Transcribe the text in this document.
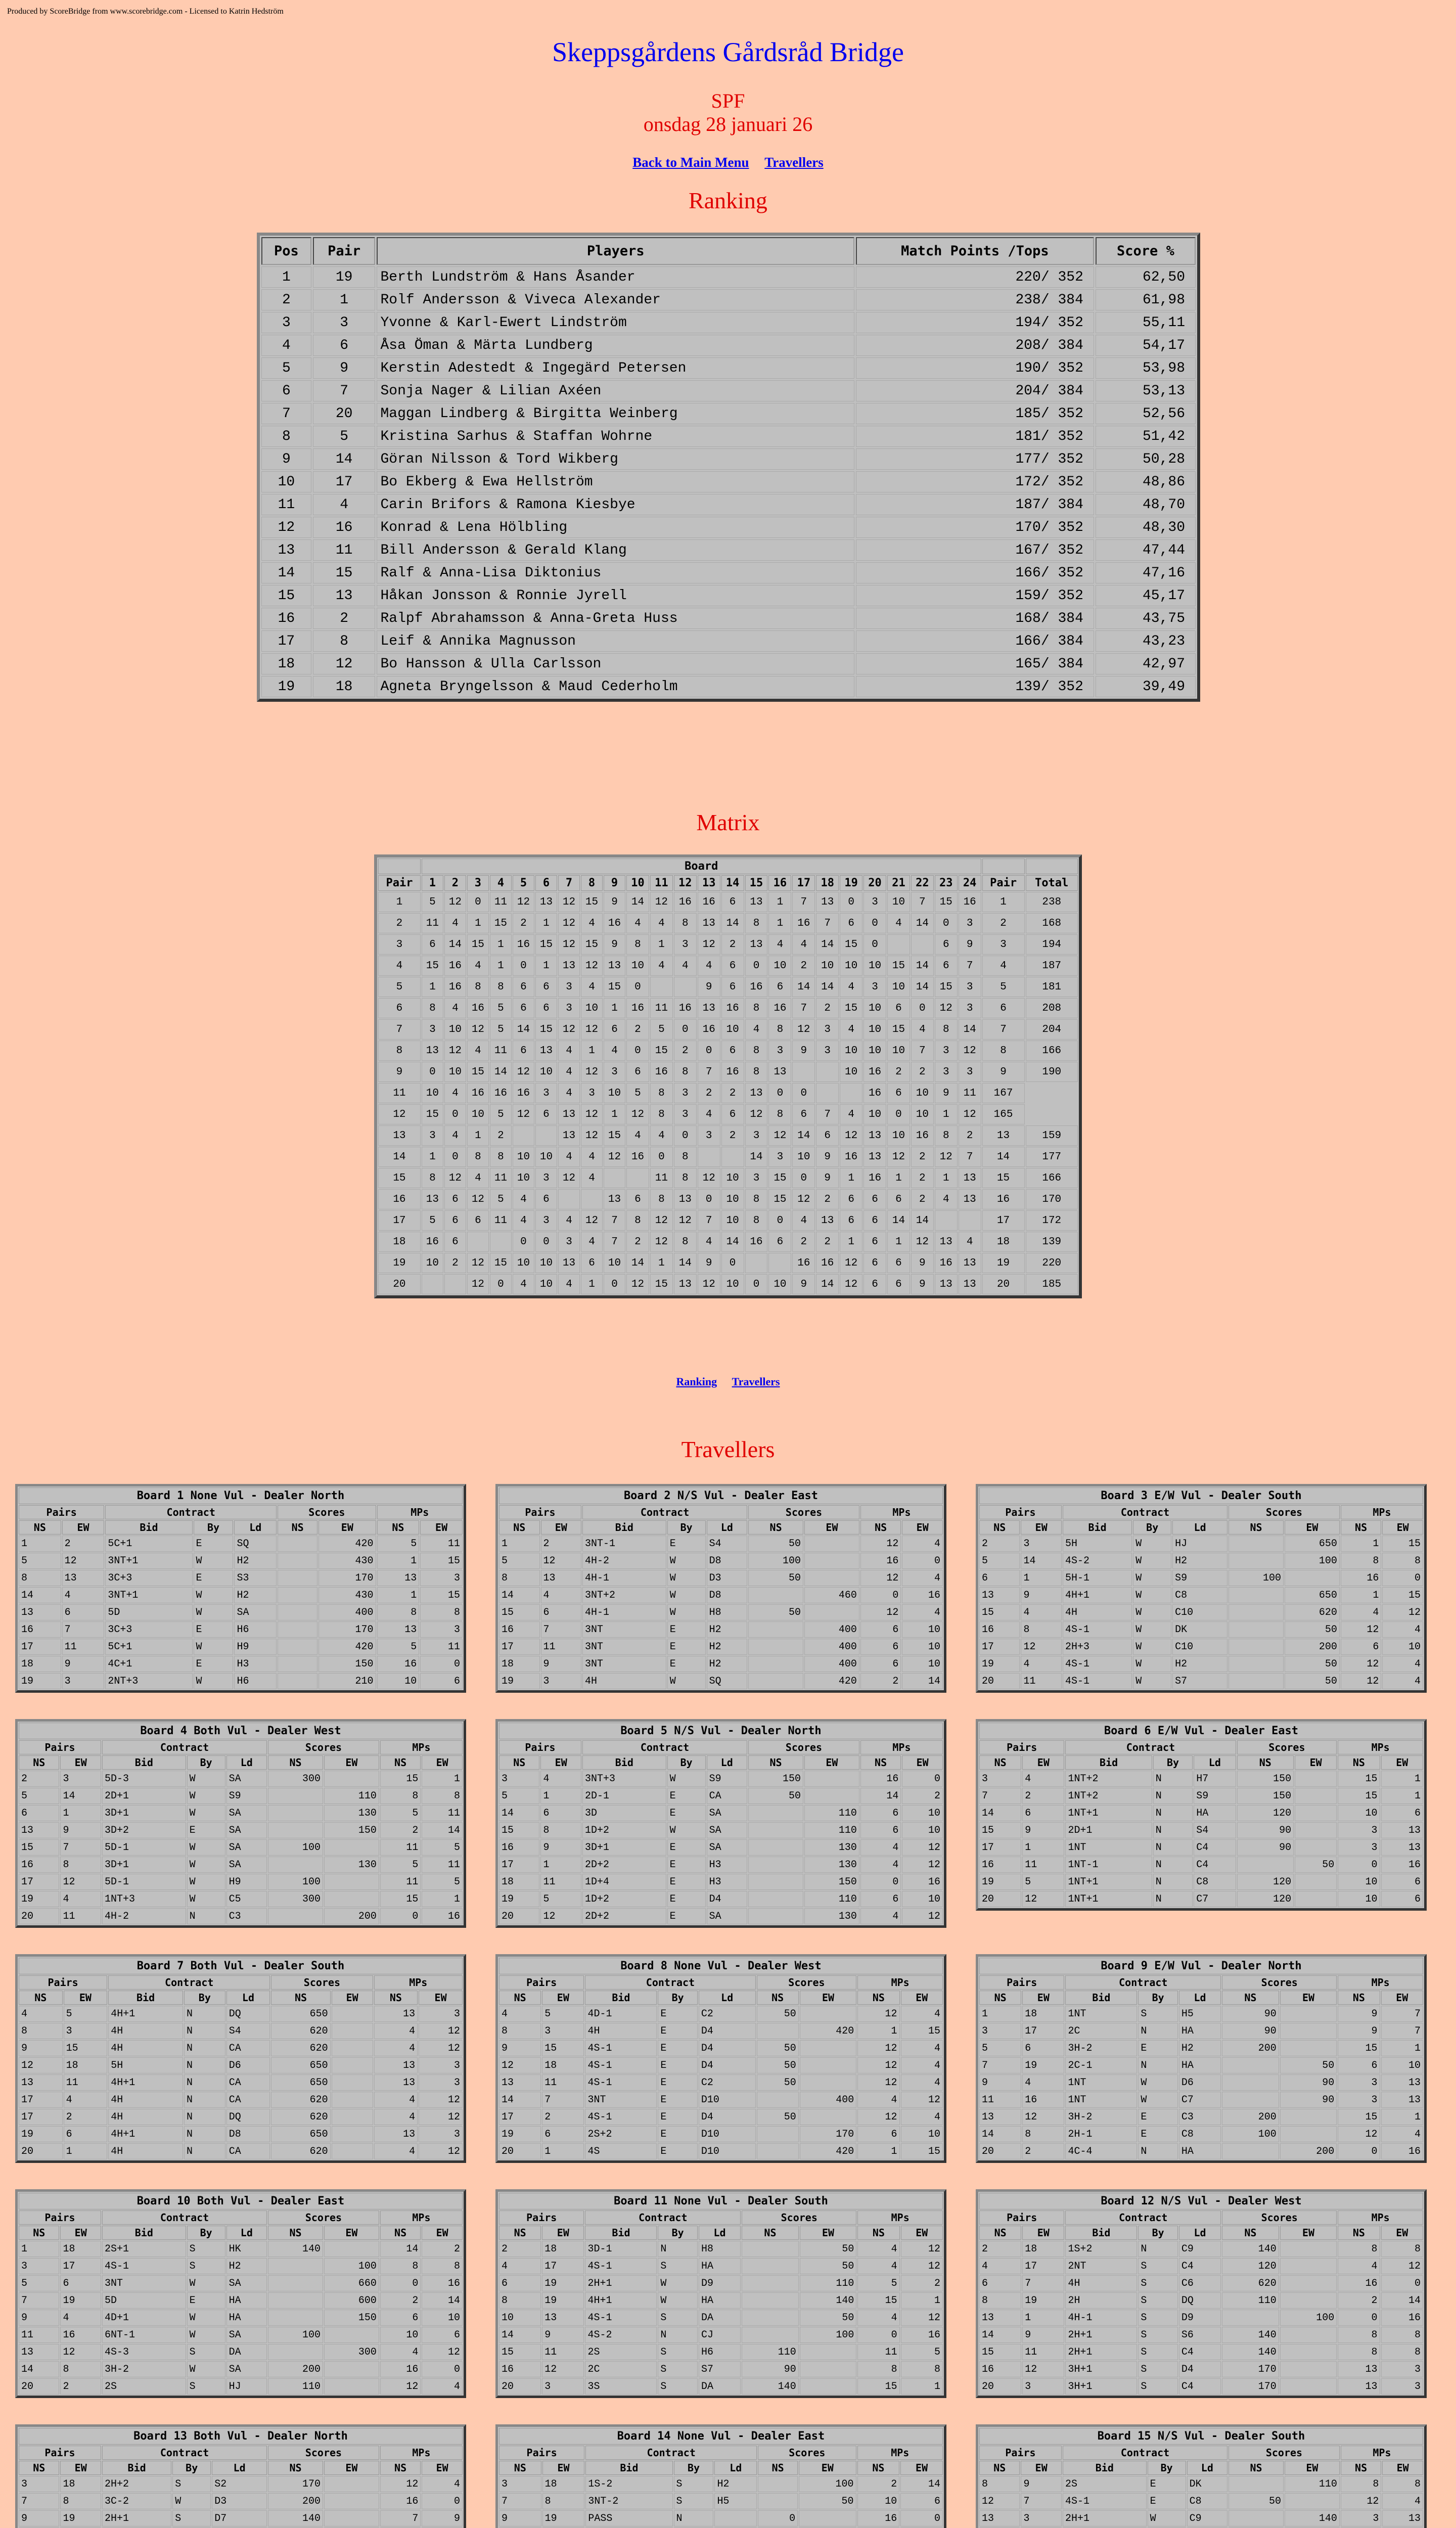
Produced by ScoreBridge from www.scorebridge.com - Licensed to Katrin Hedström
Skeppsgårdens Gårdsråd Bridge
SPF
onsdag 28 januari 26
Back to Main Menu Travellers
Ranking
Pos	Pair	Players	Match Points /Tops	Score %
1	19	Berth Lundström & Hans Åsander	220/ 352	62,50
2	1	Rolf Andersson & Viveca Alexander	238/ 384	61,98
3	3	Yvonne & Karl-Ewert Lindström	194/ 352	55,11
4	6	Åsa Öman & Märta Lundberg	208/ 384	54,17
5	9	Kerstin Adestedt & Ingegärd Petersen	190/ 352	53,98
6	7	Sonja Nager & Lilian Axéen	204/ 384	53,13
7	20	Maggan Lindberg & Birgitta Weinberg	185/ 352	52,56
8	5	Kristina Sarhus & Staffan Wohrne	181/ 352	51,42
9	14	Göran Nilsson & Tord Wikberg	177/ 352	50,28
10	17	Bo Ekberg & Ewa Hellström	172/ 352	48,86
11	4	Carin Brifors & Ramona Kiesbye	187/ 384	48,70
12	16	Konrad & Lena Hölbling	170/ 352	48,30
13	11	Bill Andersson & Gerald Klang	167/ 352	47,44
14	15	Ralf & Anna-Lisa Diktonius	166/ 352	47,16
15	13	Håkan Jonsson & Ronnie Jyrell	159/ 352	45,17
16	2	Ralpf Abrahamsson & Anna-Greta Huss	168/ 384	43,75
17	8	Leif & Annika Magnusson	166/ 384	43,23
18	12	Bo Hansson & Ulla Carlsson	165/ 384	42,97
19	18	Agneta Bryngelsson & Maud Cederholm	139/ 352	39,49
Matrix
	Board																									
Pair	1	2	3	4	5	6	7	8	9	10	11	12	13	14	15	16	17	18	19	20	21	22	23	24	Pair	Total
1	5	12	0	11	12	13	12	15	9	14	12	16	16	6	13	1	7	13	0	3	10	7	15	16	1	238
2	11	4	1	15	2	1	12	4	16	4	4	8	13	14	8	1	16	7	6	0	4	14	0	3	2	168
3	6	14	15	1	16	15	12	15	9	8	1	3	12	2	13	4	4	14	15	0			6	9	3	194
4	15	16	4	1	0	1	13	12	13	10	4	4	4	6	0	10	2	10	10	10	15	14	6	7	4	187
5	1	16	8	8	6	6	3	4	15	0			9	6	16	6	14	14	4	3	10	14	15	3	5	181
6	8	4	16	5	6	6	3	10	1	16	11	16	13	16	8	16	7	2	15	10	6	0	12	3	6	208
7	3	10	12	5	14	15	12	12	6	2	5	0	16	10	4	8	12	3	4	10	15	4	8	14	7	204
8	13	12	4	11	6	13	4	1	4	0	15	2	0	6	8	3	9	3	10	10	10	7	3	12	8	166
9	0	10	15	14	12	10	4	12	3	6	16	8	7	16	8	13			10	16	2	2	3	3	9	190
11	10	4	16	16	16	3	4	3	10	5	8	3	2	2	13	0	0			16	6	10	9	11	167	
12	15	0	10	5	12	6	13	12	1	12	8	3	4	6	12	8	6	7	4	10	0	10	1	12	165	
13	3	4	1	2			13	12	15	4	4	0	3	2	3	12	14	6	12	13	10	16	8	2	13	159
14	1	0	8	8	10	10	4	4	12	16	0	8			14	3	10	9	16	13	12	2	12	7	14	177
15	8	12	4	11	10	3	12	4			11	8	12	10	3	15	0	9	1	16	1	2	1	13	15	166
16	13	6	12	5	4	6			13	6	8	13	0	10	8	15	12	2	6	6	6	2	4	13	16	170
17	5	6	6	11	4	3	4	12	7	8	12	12	7	10	8	0	4	13	6	6	14	14			17	172
18	16	6			0	0	3	4	7	2	12	8	4	14	16	6	2	2	1	6	1	12	13	4	18	139
19	10	2	12	15	10	10	13	6	10	14	1	14	9	0			16	16	12	6	6	9	16	13	19	220
20			12	0	4	10	4	1	0	12	15	13	12	10	0	10	9	14	12	6	6	9	13	13	20	185
Ranking Travellers
Travellers
Board 1 None Vul - Dealer North								
Pairs		Contract			Scores		MPs	
NS	EW	Bid	By	Ld	NS	EW	NS	EW
1	2	5C+1	E	SQ		420	5	11
5	12	3NT+1	W	H2		430	1	15
8	13	3C+3	E	S3		170	13	3
14	4	3NT+1	W	H2		430	1	15
13	6	5D	W	SA		400	8	8
16	7	3C+3	E	H6		170	13	3
17	11	5C+1	W	H9		420	5	11
18	9	4C+1	E	H3		150	16	0
19	3	2NT+3	W	H6		210	10	6
Board 2 N/S Vul - Dealer East								
Pairs		Contract			Scores		MPs	
NS	EW	Bid	By	Ld	NS	EW	NS	EW
1	2	3NT-1	E	S4	50		12	4
5	12	4H-2	W	D8	100		16	0
8	13	4H-1	W	D3	50		12	4
14	4	3NT+2	W	D8		460	0	16
15	6	4H-1	W	H8	50		12	4
16	7	3NT	E	H2		400	6	10
17	11	3NT	E	H2		400	6	10
18	9	3NT	E	H2		400	6	10
19	3	4H	W	SQ		420	2	14
Board 3 E/W Vul - Dealer South								
Pairs		Contract			Scores		MPs	
NS	EW	Bid	By	Ld	NS	EW	NS	EW
2	3	5H	W	HJ		650	1	15
5	14	4S-2	W	H2		100	8	8
6	1	5H-1	W	S9	100		16	0
13	9	4H+1	W	C8		650	1	15
15	4	4H	W	C10		620	4	12
16	8	4S-1	W	DK		50	12	4
17	12	2H+3	W	C10		200	6	10
19	4	4S-1	W	H2		50	12	4
20	11	4S-1	W	S7		50	12	4
Board 4 Both Vul - Dealer West								
Pairs		Contract			Scores		MPs	
NS	EW	Bid	By	Ld	NS	EW	NS	EW
2	3	5D-3	W	SA	300		15	1
5	14	2D+1	W	S9		110	8	8
6	1	3D+1	W	SA		130	5	11
13	9	3D+2	E	SA		150	2	14
15	7	5D-1	W	SA	100		11	5
16	8	3D+1	W	SA		130	5	11
17	12	5D-1	W	H9	100		11	5
19	4	1NT+3	W	C5	300		15	1
20	11	4H-2	N	C3		200	0	16
Board 5 N/S Vul - Dealer North								
Pairs		Contract			Scores		MPs	
NS	EW	Bid	By	Ld	NS	EW	NS	EW
3	4	3NT+3	W	S9	150		16	0
5	1	2D-1	E	CA	50		14	2
14	6	3D	E	SA		110	6	10
15	8	1D+2	W	SA		110	6	10
16	9	3D+1	E	SA		130	4	12
17	1	2D+2	E	H3		130	4	12
18	11	1D+4	E	H3		150	0	16
19	5	1D+2	E	D4		110	6	10
20	12	2D+2	E	SA		130	4	12
Board 6 E/W Vul - Dealer East								
Pairs		Contract			Scores		MPs	
NS	EW	Bid	By	Ld	NS	EW	NS	EW
3	4	1NT+2	N	H7	150		15	1
7	2	1NT+2	N	S9	150		15	1
14	6	1NT+1	N	HA	120		10	6
15	9	2D+1	N	S4	90		3	13
17	1	1NT	N	C4	90		3	13
16	11	1NT-1	N	C4		50	0	16
19	5	1NT+1	N	C8	120		10	6
20	12	1NT+1	N	C7	120		10	6
Board 7 Both Vul - Dealer South								
Pairs		Contract			Scores		MPs	
NS	EW	Bid	By	Ld	NS	EW	NS	EW
4	5	4H+1	N	DQ	650		13	3
8	3	4H	N	S4	620		4	12
9	15	4H	N	CA	620		4	12
12	18	5H	N	D6	650		13	3
13	11	4H+1	N	CA	650		13	3
17	4	4H	N	CA	620		4	12
17	2	4H	N	DQ	620		4	12
19	6	4H+1	N	D8	650		13	3
20	1	4H	N	CA	620		4	12
Board 8 None Vul - Dealer West								
Pairs		Contract			Scores		MPs	
NS	EW	Bid	By	Ld	NS	EW	NS	EW
4	5	4D-1	E	C2	50		12	4
8	3	4H	E	D4		420	1	15
9	15	4S-1	E	D4	50		12	4
12	18	4S-1	E	D4	50		12	4
13	11	4S-1	E	C2	50		12	4
14	7	3NT	E	D10		400	4	12
17	2	4S-1	E	D4	50		12	4
19	6	2S+2	E	D10		170	6	10
20	1	4S	E	D10		420	1	15
Board 9 E/W Vul - Dealer North								
Pairs		Contract			Scores		MPs	
NS	EW	Bid	By	Ld	NS	EW	NS	EW
1	18	1NT	S	H5	90		9	7
3	17	2C	N	HA	90		9	7
5	6	3H-2	E	H2	200		15	1
7	19	2C-1	N	HA		50	6	10
9	4	1NT	W	D6		90	3	13
11	16	1NT	W	C7		90	3	13
13	12	3H-2	E	C3	200		15	1
14	8	2H-1	E	C8	100		12	4
20	2	4C-4	N	HA		200	0	16
Board 10 Both Vul - Dealer East								
Pairs		Contract			Scores		MPs	
NS	EW	Bid	By	Ld	NS	EW	NS	EW
1	18	2S+1	S	HK	140		14	2
3	17	4S-1	S	H2		100	8	8
5	6	3NT	W	SA		660	0	16
7	19	5D	E	HA		600	2	14
9	4	4D+1	W	HA		150	6	10
11	16	6NT-1	W	SA	100		10	6
13	12	4S-3	S	DA		300	4	12
14	8	3H-2	W	SA	200		16	0
20	2	2S	S	HJ	110		12	4
Board 11 None Vul - Dealer South								
Pairs		Contract			Scores		MPs	
NS	EW	Bid	By	Ld	NS	EW	NS	EW
2	18	3D-1	N	H8		50	4	12
4	17	4S-1	S	HA		50	4	12
6	19	2H+1	W	D9		110	5	2
8	19	4H+1	W	HA		140	15	1
10	13	4S-1	S	DA		50	4	12
14	9	4S-2	N	CJ		100	0	16
15	11	2S	S	H6	110		11	5
16	12	2C	S	S7	90		8	8
20	3	3S	S	DA	140		15	1
Board 12 N/S Vul - Dealer West								
Pairs		Contract			Scores		MPs	
NS	EW	Bid	By	Ld	NS	EW	NS	EW
2	18	1S+2	N	C9	140		8	8
4	17	2NT	S	C4	120		4	12
6	7	4H	S	C6	620		16	0
8	19	2H	S	DQ	110		2	14
13	1	4H-1	S	D9		100	0	16
14	9	2H+1	S	S6	140		8	8
15	11	2H+1	S	C4	140		8	8
16	12	3H+1	S	D4	170		13	3
20	3	3H+1	S	C4	170		13	3
Board 13 Both Vul - Dealer North								
Pairs		Contract			Scores		MPs	
NS	EW	Bid	By	Ld	NS	EW	NS	EW
3	18	2H+2	S	S2	170		12	4
7	8	3C-2	W	D3	200		16	0
9	19	2H+1	S	D7	140		7	9

Board 14 None Vul - Dealer East								
Pairs		Contract			Scores		MPs	
NS	EW	Bid	By	Ld	NS	EW	NS	EW
3	18	1S-2	S	H2		100	2	14
7	8	3NT-2	S	H5		50	10	6
9	19	PASS	N		0		16	0

Board 15 N/S Vul - Dealer South								
Pairs		Contract			Scores		MPs	
NS	EW	Bid	By	Ld	NS	EW	NS	EW
8	9	2S	E	DK		110	8	8
12	7	4S-1	E	C8	50		12	4
13	3	2H+1	W	C9		140	3	13
